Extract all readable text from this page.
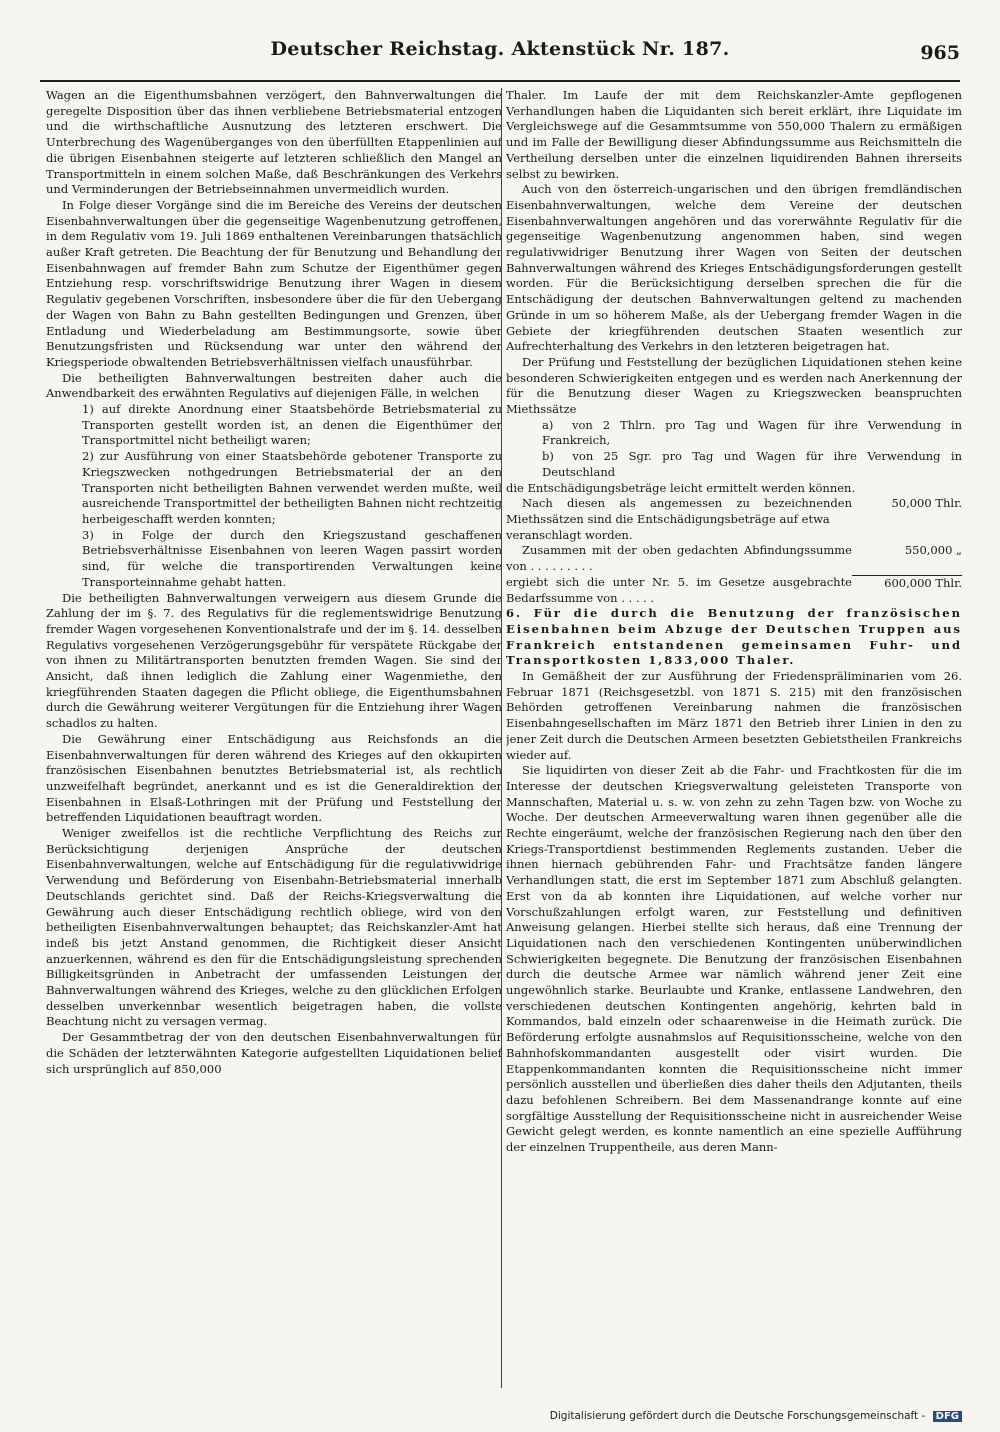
Deutscher Reichstag. Aktenstück Nr. 187.	965

Wagen an die Eigenthumsbahnen verzögert, den Bahnverwaltungen die geregelte Disposition über das ihnen verbliebene Betriebsmaterial entzogen und die wirthschaftliche Ausnutzung des letzteren erschwert. Die Unterbrechung des Wagenüberganges von den überfüllten Etappenlinien auf die übrigen Eisenbahnen steigerte auf letzteren schließlich den Mangel an Transportmitteln in einem solchen Maße, daß Beschränkungen des Verkehrs und Verminderungen der Betriebseinnahmen unvermeidlich wurden.

In Folge dieser Vorgänge sind die im Bereiche des Vereins der deutschen Eisenbahnverwaltungen über die gegenseitige Wagenbenutzung getroffenen, in dem Regulativ vom 19. Juli 1869 enthaltenen Vereinbarungen thatsächlich außer Kraft getreten. Die Beachtung der für Benutzung und Behandlung der Eisenbahnwagen auf fremder Bahn zum Schutze der Eigenthümer gegen Entziehung resp. vorschriftswidrige Benutzung ihrer Wagen in diesem Regulativ gegebenen Vorschriften, insbesondere über die für den Uebergang der Wagen von Bahn zu Bahn gestellten Bedingungen und Grenzen, über Entladung und Wiederbeladung am Bestimmungsorte, sowie über Benutzungsfristen und Rücksendung war unter den während der Kriegsperiode obwaltenden Betriebsverhältnissen vielfach unausführbar.

Die betheiligten Bahnverwaltungen bestreiten daher auch die Anwendbarkeit des erwähnten Regulativs auf diejenigen Fälle, in welchen

1) auf direkte Anordnung einer Staatsbehörde Betriebsmaterial zu Transporten gestellt worden ist, an denen die Eigenthümer der Transportmittel nicht betheiligt waren;
2) zur Ausführung von einer Staatsbehörde gebotener Transporte zu Kriegszwecken nothgedrungen Betriebsmaterial der an den Transporten nicht betheiligten Bahnen verwendet werden mußte, weil ausreichende Transportmittel der betheiligten Bahnen nicht rechtzeitig herbeigeschafft werden konnten;
3) in Folge der durch den Kriegszustand geschaffenen Betriebsverhältnisse Eisenbahnen von leeren Wagen passirt worden sind, für welche die transportirenden Verwaltungen keine Transporteinnahme gehabt hatten.

Die betheiligten Bahnverwaltungen verweigern aus diesem Grunde die Zahlung der im §. 7. des Regulativs für die reglementswidrige Benutzung fremder Wagen vorgesehenen Konventionalstrafe und der im §. 14. desselben Regulativs vorgesehenen Verzögerungsgebühr für verspätete Rückgabe der von ihnen zu Militärtransporten benutzten fremden Wagen. Sie sind der Ansicht, daß ihnen lediglich die Zahlung einer Wagenmiethe, den kriegführenden Staaten dagegen die Pflicht obliege, die Eigenthumsbahnen durch die Gewährung weiterer Vergütungen für die Entziehung ihrer Wagen schadlos zu halten.

Die Gewährung einer Entschädigung aus Reichsfonds an die Eisenbahnverwaltungen für deren während des Krieges auf den okkupirten französischen Eisenbahnen benutztes Betriebsmaterial ist, als rechtlich unzweifelhaft begründet, anerkannt und es ist die Generaldirektion der Eisenbahnen in Elsaß-Lothringen mit der Prüfung und Feststellung der betreffenden Liquidationen beauftragt worden.

Weniger zweifellos ist die rechtliche Verpflichtung des Reichs zur Berücksichtigung derjenigen Ansprüche der deutschen Eisenbahnverwaltungen, welche auf Entschädigung für die regulativwidrige Verwendung und Beförderung von Eisenbahn-Betriebsmaterial innerhalb Deutschlands gerichtet sind. Daß der Reichs-Kriegsverwaltung die Gewährung auch dieser Entschädigung rechtlich obliege, wird von den betheiligten Eisenbahnverwaltungen behauptet; das Reichskanzler-Amt hat indeß bis jetzt Anstand genommen, die Richtigkeit dieser Ansicht anzuerkennen, während es den für die Entschädigungsleistung sprechenden Billigkeitsgründen in Anbetracht der umfassenden Leistungen der Bahnverwaltungen während des Krieges, welche zu den glücklichen Erfolgen desselben unverkennbar wesentlich beigetragen haben, die vollste Beachtung nicht zu versagen vermag.

Der Gesammtbetrag der von den deutschen Eisenbahnverwaltungen für die Schäden der letzterwähnten Kategorie aufgestellten Liquidationen belief sich ursprünglich auf 850,000

Thaler. Im Laufe der mit dem Reichskanzler-Amte gepflogenen Verhandlungen haben die Liquidanten sich bereit erklärt, ihre Liquidate im Vergleichswege auf die Gesammtsumme von 550,000 Thalern zu ermäßigen und im Falle der Bewilligung dieser Abfindungssumme aus Reichsmitteln die Vertheilung derselben unter die einzelnen liquidirenden Bahnen ihrerseits selbst zu bewirken.

Auch von den österreich-ungarischen und den übrigen fremdländischen Eisenbahnverwaltungen, welche dem Vereine der deutschen Eisenbahnverwaltungen angehören und das vorerwähnte Regulativ für die gegenseitige Wagenbenutzung angenommen haben, sind wegen regulativwidriger Benutzung ihrer Wagen von Seiten der deutschen Bahnverwaltungen während des Krieges Entschädigungsforderungen gestellt worden. Für die Berücksichtigung derselben sprechen die für die Entschädigung der deutschen Bahnverwaltungen geltend zu machenden Gründe in um so höherem Maße, als der Uebergang fremder Wagen in die Gebiete der kriegführenden deutschen Staaten wesentlich zur Aufrechterhaltung des Verkehrs in den letzteren beigetragen hat.

Der Prüfung und Feststellung der bezüglichen Liquidationen stehen keine besonderen Schwierigkeiten entgegen und es werden nach Anerkennung der für die Benutzung dieser Wagen zu Kriegszwecken beanspruchten Miethssätze

a) von 2 Thlrn. pro Tag und Wagen für ihre Verwendung in Frankreich,
b) von 25 Sgr. pro Tag und Wagen für ihre Verwendung in Deutschland

die Entschädigungsbeträge leicht ermittelt werden können.

Nach diesen als angemessen zu bezeichnenden Miethssätzen sind die Entschädigungsbeträge auf etwa
50,000 Thlr.
veranschlagt worden.
Zusammen mit der oben gedachten Abfindungssumme von . . . . . . . . .
550,000 „
ergiebt sich die unter Nr. 5. im Gesetze ausgebrachte Bedarfssumme von . . . . .
600,000 Thlr.

6. Für die durch die Benutzung der französischen Eisenbahnen beim Abzuge der Deutschen Truppen aus Frankreich entstandenen gemeinsamen Fuhr- und Transportkosten 1,833,000 Thaler.

In Gemäßheit der zur Ausführung der Friedenspräliminarien vom 26. Februar 1871 (Reichsgesetzbl. von 1871 S. 215) mit den französischen Behörden getroffenen Vereinbarung nahmen die französischen Eisenbahngesellschaften im März 1871 den Betrieb ihrer Linien in den zu jener Zeit durch die Deutschen Armeen besetzten Gebietstheilen Frankreichs wieder auf.

Sie liquidirten von dieser Zeit ab die Fahr- und Frachtkosten für die im Interesse der deutschen Kriegsverwaltung geleisteten Transporte von Mannschaften, Material u. s. w. von zehn zu zehn Tagen bzw. von Woche zu Woche. Der deutschen Armeeverwaltung waren ihnen gegenüber alle die Rechte eingeräumt, welche der französischen Regierung nach den über den Kriegs-Transportdienst bestimmenden Reglements zustanden. Ueber die ihnen hiernach gebührenden Fahr- und Frachtsätze fanden längere Verhandlungen statt, die erst im September 1871 zum Abschluß gelangten. Erst von da ab konnten ihre Liquidationen, auf welche vorher nur Vorschußzahlungen erfolgt waren, zur Feststellung und definitiven Anweisung gelangen. Hierbei stellte sich heraus, daß eine Trennung der Liquidationen nach den verschiedenen Kontingenten unüberwindlichen Schwierigkeiten begegnete. Die Benutzung der französischen Eisenbahnen durch die deutsche Armee war nämlich während jener Zeit eine ungewöhnlich starke. Beurlaubte und Kranke, entlassene Landwehren, den verschiedenen deutschen Kontingenten angehörig, kehrten bald in Kommandos, bald einzeln oder schaarenweise in die Heimath zurück. Die Beförderung erfolgte ausnahmslos auf Requisitionsscheine, welche von den Bahnhofskommandanten ausgestellt oder visirt wurden. Die Etappenkommandanten konnten die Requisitionsscheine nicht immer persönlich ausstellen und überließen dies daher theils den Adjutanten, theils dazu befohlenen Schreibern. Bei dem Massenandrange konnte auf eine sorgfältige Ausstellung der Requisitionsscheine nicht in ausreichender Weise Gewicht gelegt werden, es konnte namentlich an eine spezielle Aufführung der einzelnen Truppentheile, aus deren Mann-

Digitalisierung gefördert durch die Deutsche Forschungsgemeinschaft - DFG
